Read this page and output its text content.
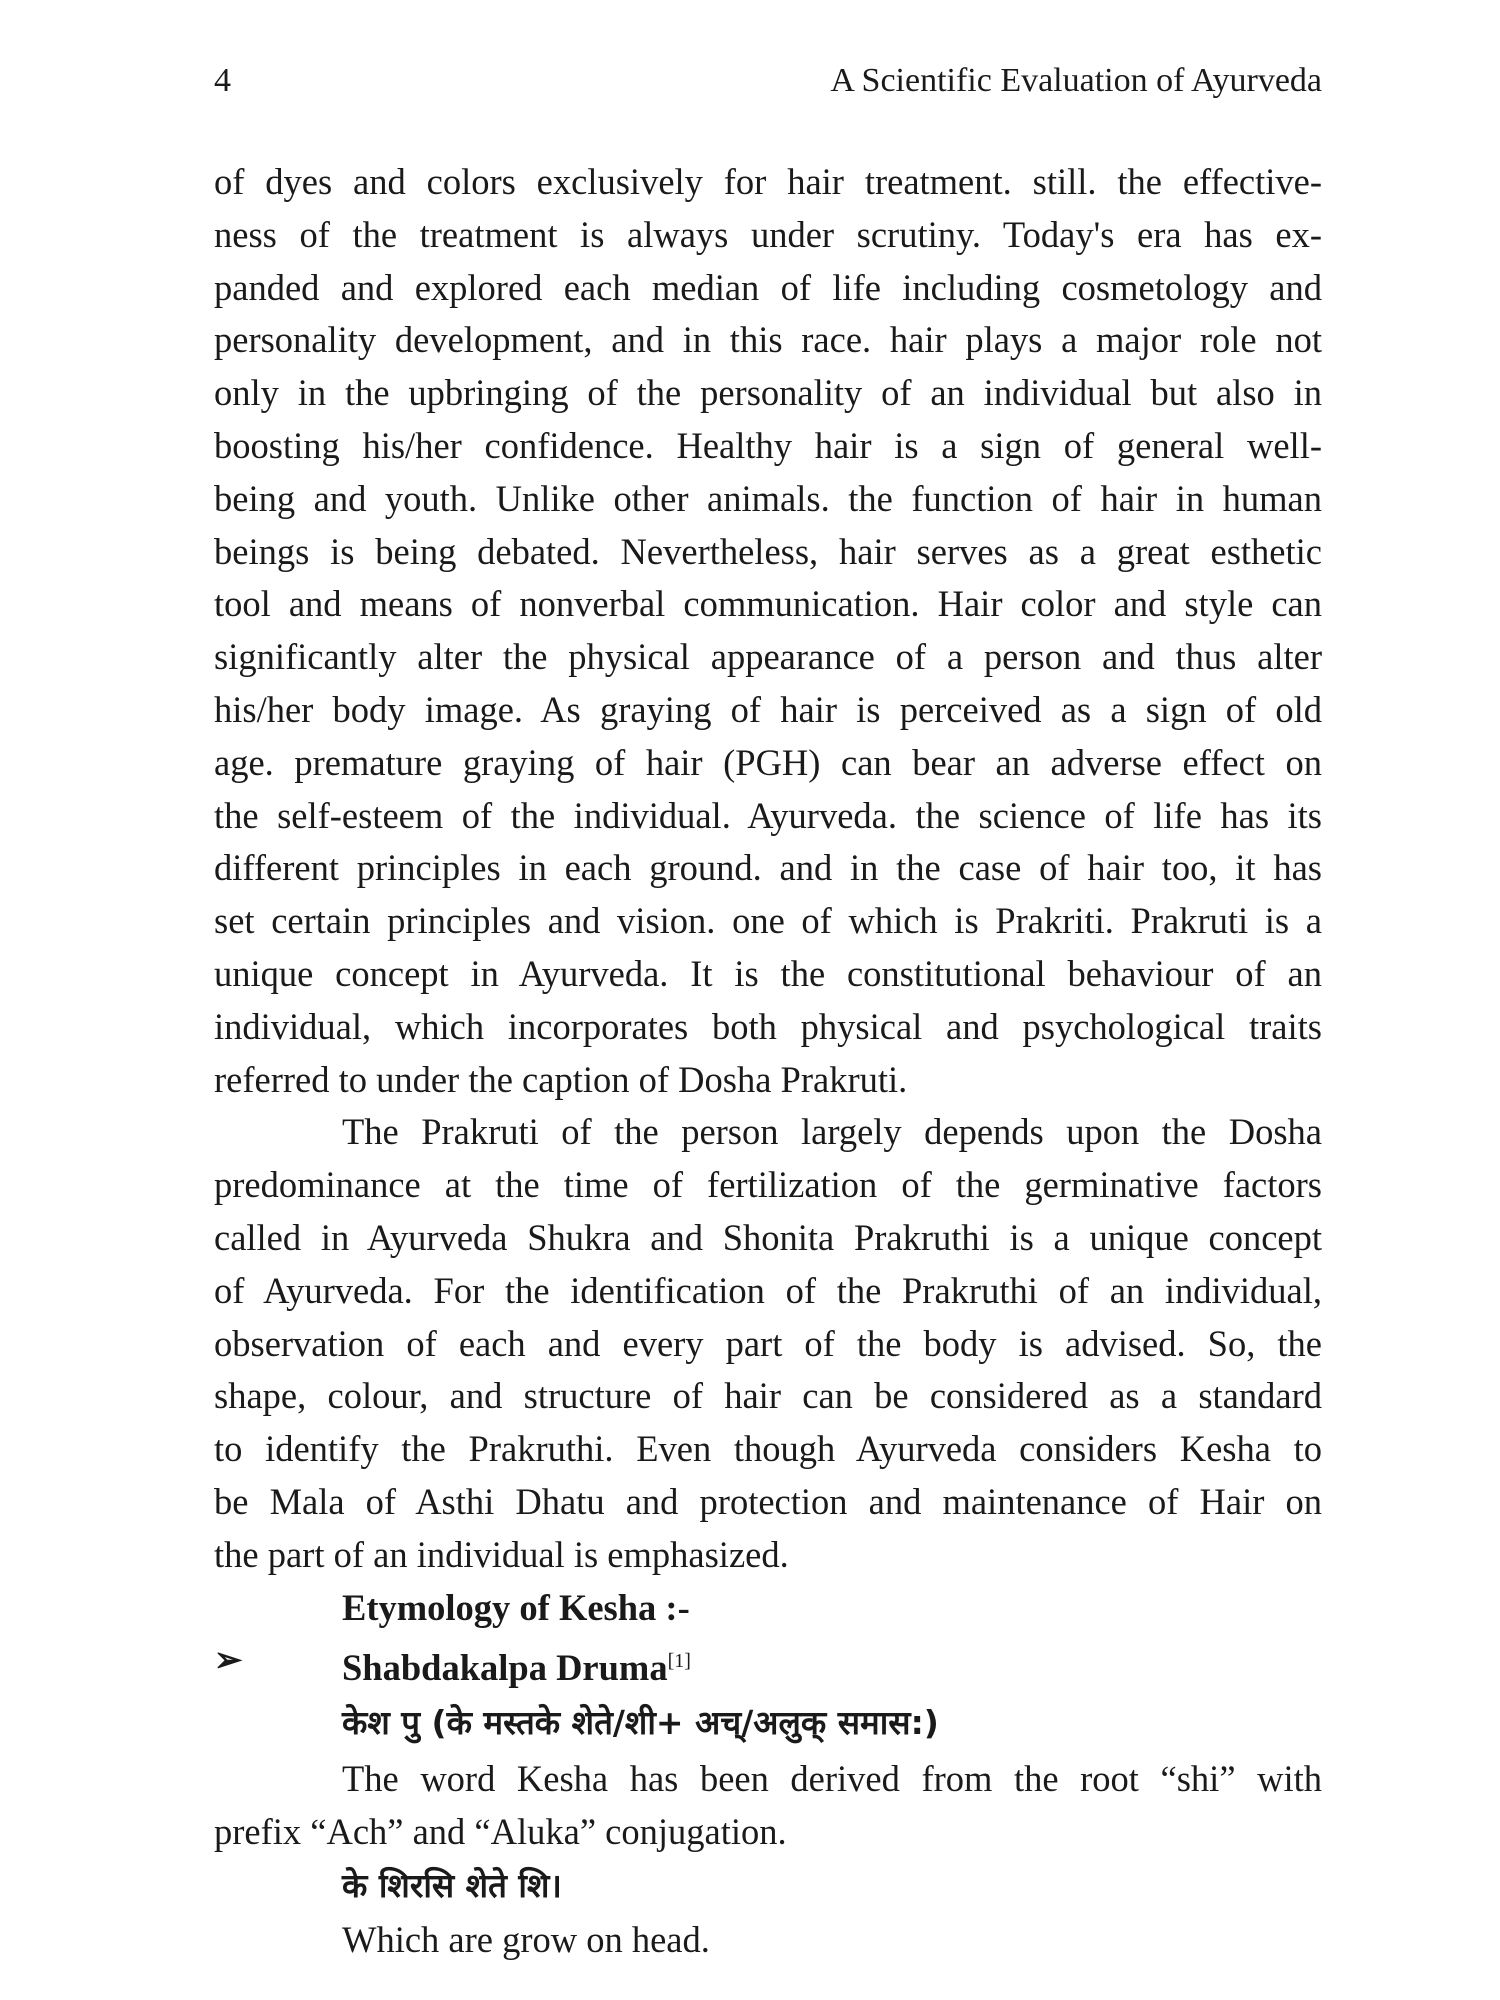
4	A Scientific Evaluation of Ayurveda
of dyes and colors exclusively for hair treatment. still. the effective-
ness of the treatment is always under scrutiny. Today's era has ex-
panded and explored each median of life including cosmetology and
personality development, and in this race. hair plays a major role not
only in the upbringing of the personality of an individual but also in
boosting his/her confidence. Healthy hair is a sign of general well-
being and youth. Unlike other animals. the function of hair in human
beings is being debated. Nevertheless, hair serves as a great esthetic
tool and means of nonverbal communication. Hair color and style can
significantly alter the physical appearance of a person and thus alter
his/her body image. As graying of hair is perceived as a sign of old
age. premature graying of hair (PGH) can bear an adverse effect on
the self-esteem of the individual. Ayurveda. the science of life has its
different principles in each ground. and in the case of hair too, it has
set certain principles and vision. one of which is Prakriti. Prakruti is a
unique concept in Ayurveda. It is the constitutional behaviour of an
individual, which incorporates both physical and psychological traits
referred to under the caption of Dosha Prakruti.
The Prakruti of the person largely depends upon the Dosha
predominance at the time of fertilization of the germinative factors
called in Ayurveda Shukra and Shonita Prakruthi is a unique concept
of Ayurveda. For the identification of the Prakruthi of an individual,
observation of each and every part of the body is advised. So, the
shape, colour, and structure of hair can be considered as a standard
to identify the Prakruthi. Even though Ayurveda considers Kesha to
be Mala of Asthi Dhatu and protection and maintenance of Hair on
the part of an individual is emphasized.
Etymology of Kesha :-
➢	Shabdakalpa Druma[1]
केश पु (के मस्तके शेते/शी+ अच्/अलुक् समास:)
The word Kesha has been derived from the root “shi” with
prefix “Ach” and “Aluka” conjugation.
के शिरसि शेते शि।
Which are grow on head.
